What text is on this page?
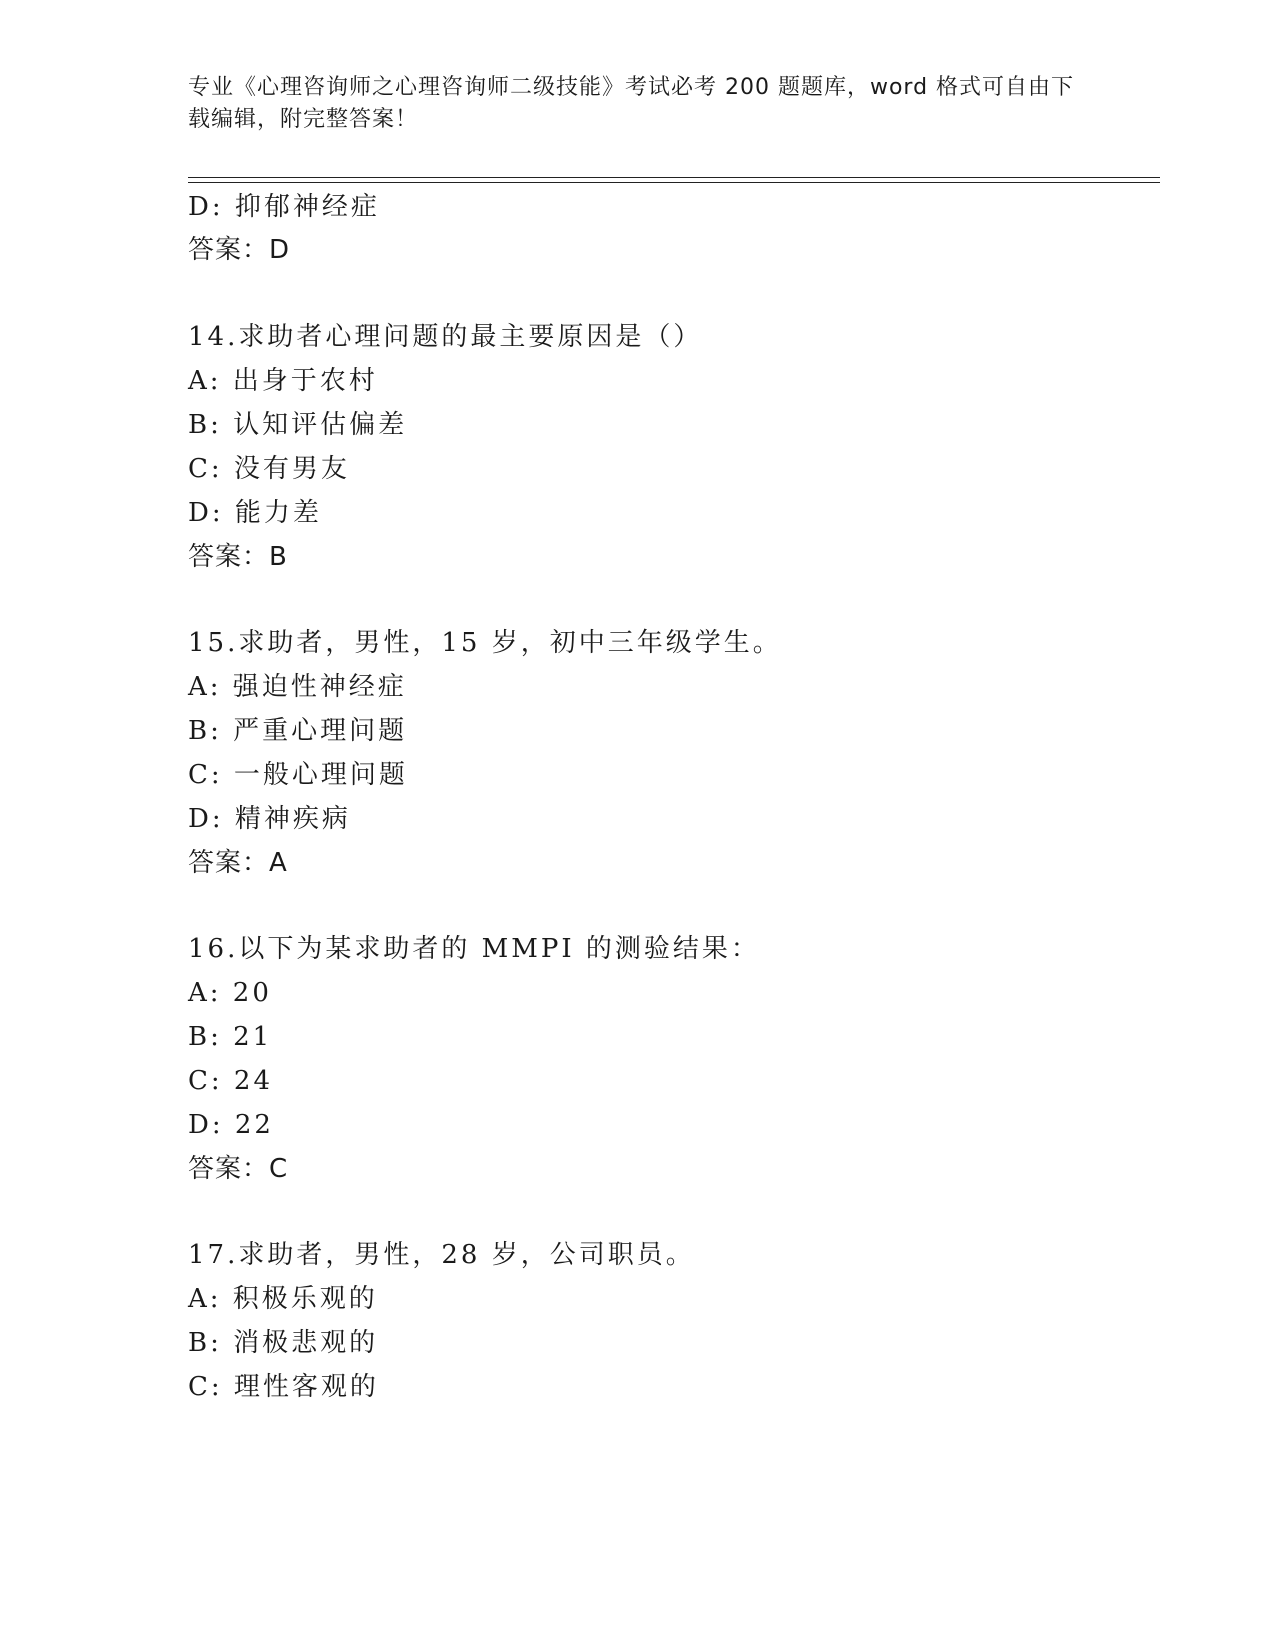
专业《心理咨询师之心理咨询师二级技能》考试必考 200 题题库，word 格式可自由下载编辑，附完整答案！
D: 抑郁神经症
答案：D
14.求助者心理问题的最主要原因是（）
A: 出身于农村
B: 认知评估偏差
C: 没有男友
D: 能力差
答案：B
15.求助者，男性，15 岁，初中三年级学生。
A: 强迫性神经症
B: 严重心理问题
C: 一般心理问题
D: 精神疾病
答案：A
16.以下为某求助者的 MMPI 的测验结果：
A: 20
B: 21
C: 24
D: 22
答案：C
17.求助者，男性，28 岁，公司职员。
A: 积极乐观的
B: 消极悲观的
C: 理性客观的
